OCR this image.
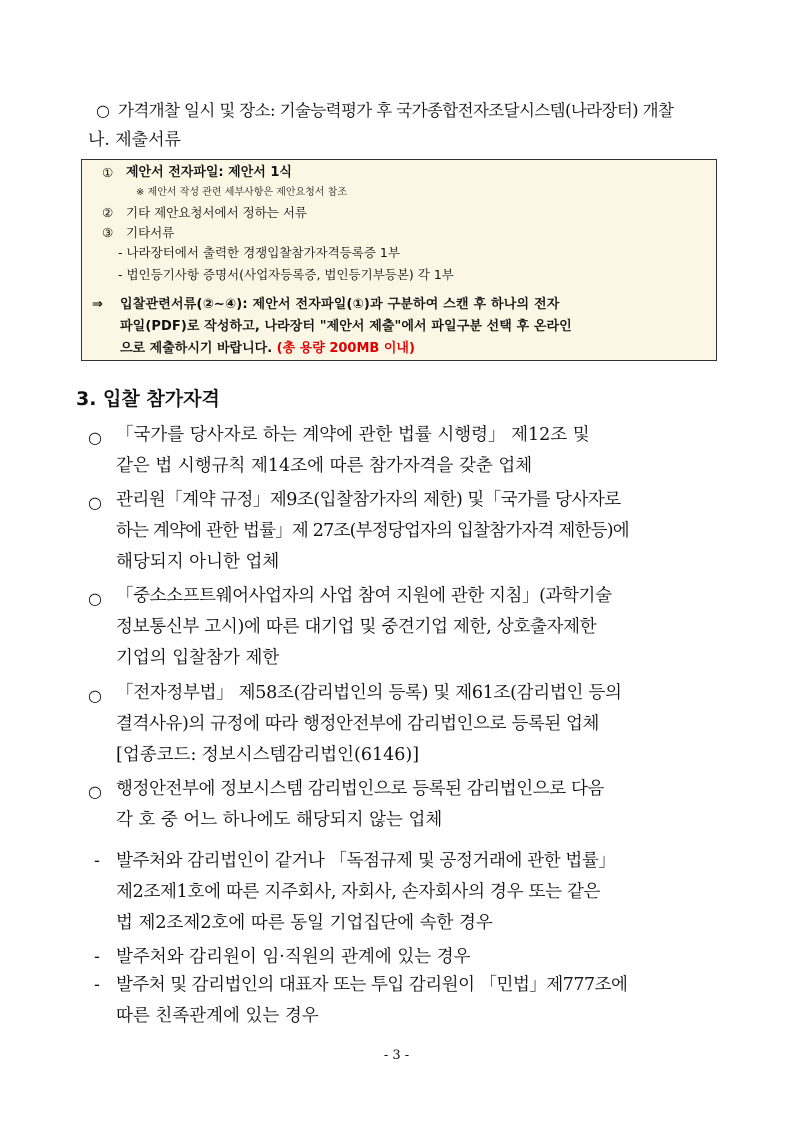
○ 가격개찰 일시 및 장소: 기술능력평가 후 국가종합전자조달시스템(나라장터) 개찰
나. 제출서류
① 제안서 전자파일: 제안서 1식
※ 제안서 작성 관련 세부사항은 제안요청서 참조
② 기타 제안요청서에서 정하는 서류
③ 기타서류
- 나라장터에서 출력한 경쟁입찰참가자격등록증 1부
- 법인등기사항 증명서(사업자등록증, 법인등기부등본) 각 1부
⇒ 입찰관련서류(②∼④): 제안서 전자파일(①)과 구분하여 스캔 후 하나의 전자
파일(PDF)로 작성하고, 나라장터 "제안서 제출"에서 파일구분 선택 후 온라인
으로 제출하시기 바랍니다. (총 용량 200MB 이내)
3. 입찰 참가자격
○ 「국가를 당사자로 하는 계약에 관한 법률 시행령」 제12조 및
같은 법 시행규칙 제14조에 따른 참가자격을 갖춘 업체
○ 관리원「계약 규정」제9조(입찰참가자의 제한) 및「국가를 당사자로
하는 계약에 관한 법률」제 27조(부정당업자의 입찰참가자격 제한등)에
해당되지 아니한 업체
○ 「중소소프트웨어사업자의 사업 참여 지원에 관한 지침」(과학기술
정보통신부 고시)에 따른 대기업 및 중견기업 제한, 상호출자제한
기업의 입찰참가 제한
○ 「전자정부법」 제58조(감리법인의 등록) 및 제61조(감리법인 등의
결격사유)의 규정에 따라 행정안전부에 감리법인으로 등록된 업체
[업종코드: 정보시스템감리법인(6146)]
○ 행정안전부에 정보시스템 감리법인으로 등록된 감리법인으로 다음
각 호 중 어느 하나에도 해당되지 않는 업체
- 발주처와 감리법인이 같거나 「독점규제 및 공정거래에 관한 법률」
제2조제1호에 따른 지주회사, 자회사, 손자회사의 경우 또는 같은
법 제2조제2호에 따른 동일 기업집단에 속한 경우
- 발주처와 감리원이 임·직원의 관계에 있는 경우
- 발주처 및 감리법인의 대표자 또는 투입 감리원이 「민법」제777조에
따른 친족관계에 있는 경우
- 3 -
